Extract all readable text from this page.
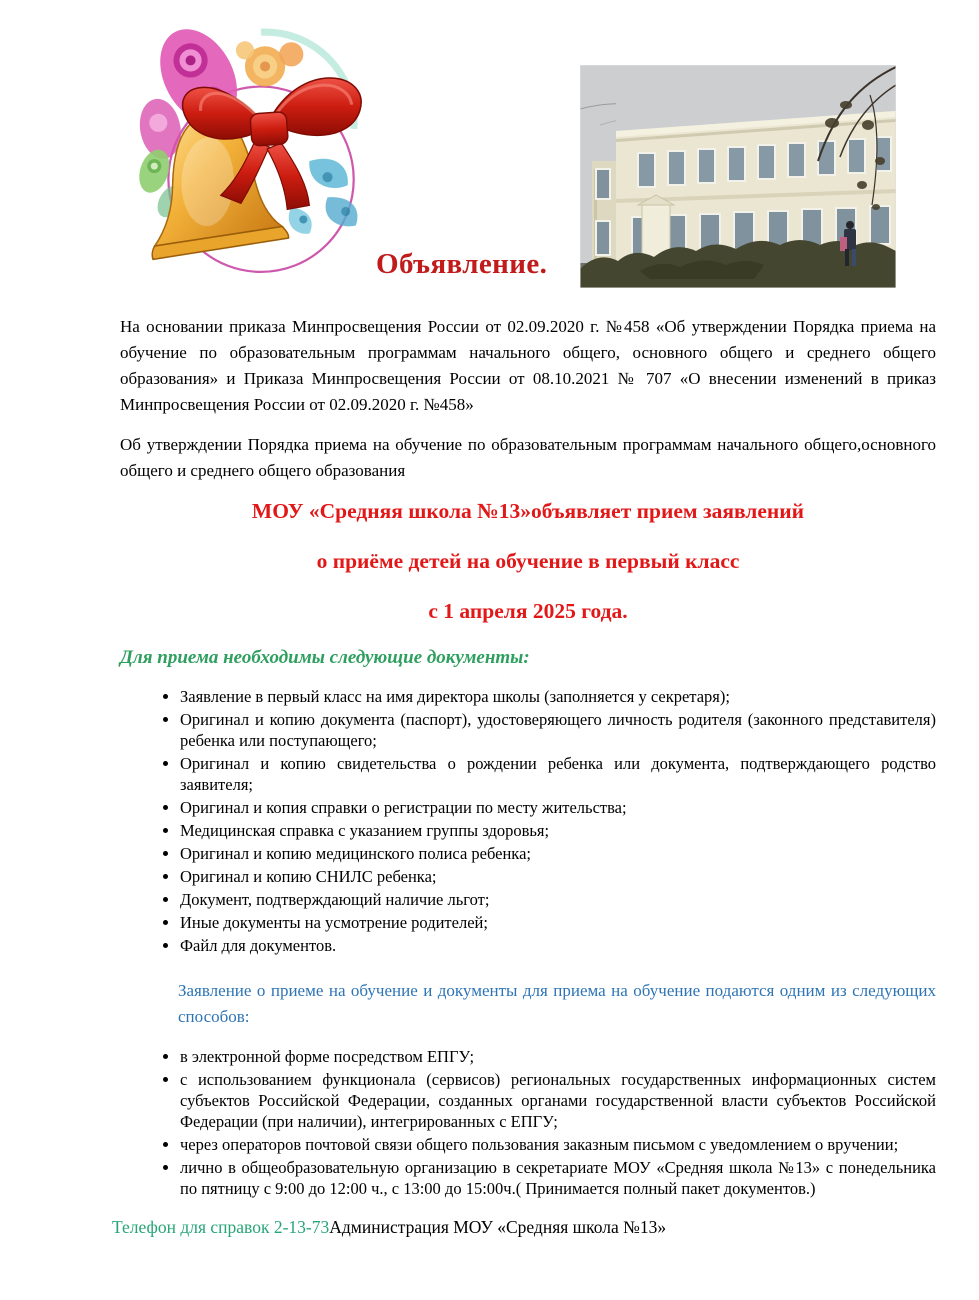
Объявление.

На основании приказа Минпросвещения России от 02.09.2020 г. №458 «Об утверждении Порядка приема на обучение по образовательным программам начального общего, основного общего и среднего общего образования» и Приказа Минпросвещения России от 08.10.2021 № 707 «О внесении изменений в приказ Минпросвещения России от 02.09.2020 г. №458»

Об утверждении Порядка приема на обучение по образовательным программам начального общего,основного общего и среднего общего образования

МОУ «Средняя школа №13»объявляет прием заявлений
о приёме детей на обучение в первый класс
с 1 апреля 2025 года.
Для приема необходимы следующие документы:
• Заявление в первый класс на имя директора школы (заполняется у секретаря);
• Оригинал и копию документа (паспорт), удостоверяющего личность родителя (законного представителя) ребенка или поступающего;
• Оригинал и копию свидетельства о рождении ребенка или документа, подтверждающего родство заявителя;
• Оригинал и копия справки о регистрации по месту жительства;
• Медицинская справка с указанием группы здоровья;
• Оригинал и копию медицинского полиса ребенка;
• Оригинал и копию СНИЛС ребенка;
• Документ, подтверждающий наличие льгот;
• Иные документы на усмотрение родителей;
• Файл для документов.

Заявление о приеме на обучение и документы для приема на обучение подаются одним из следующих способов:

• в электронной форме посредством ЕПГУ;
• с использованием функционала (сервисов) региональных государственных информационных систем субъектов Российской Федерации, созданных органами государственной власти субъектов Российской Федерации (при наличии), интегрированных с ЕПГУ;
• через операторов почтовой связи общего пользования заказным письмом с уведомлением о вручении;
• лично в общеобразовательную организацию в секретариате МОУ «Средняя школа №13» с понедельника по пятницу с 9:00 до 12:00 ч., с 13:00 до 15:00ч.( Принимается полный пакет документов.)
Телефон для справок 2-13-73Администрация МОУ «Средняя школа №13»
